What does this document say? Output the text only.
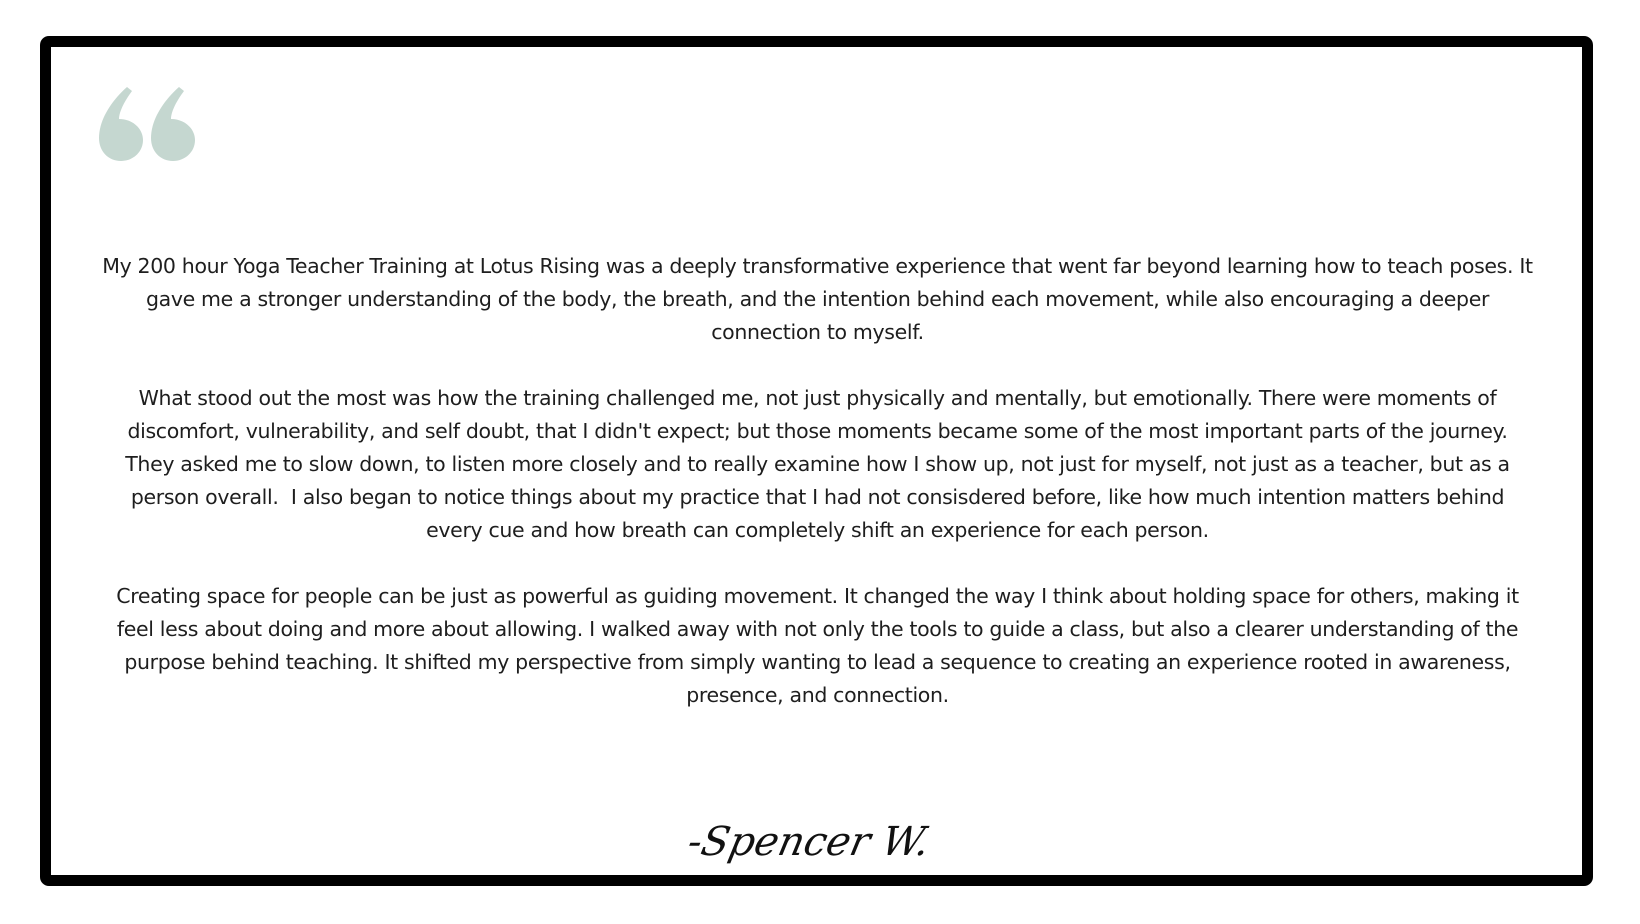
My 200 hour Yoga Teacher Training at Lotus Rising was a deeply transformative experience that went far beyond learning how to teach poses. It gave me a stronger understanding of the body, the breath, and the intention behind each movement, while also encouraging a deeper connection to myself.

What stood out the most was how the training challenged me, not just physically and mentally, but emotionally. There were moments of discomfort, vulnerability, and self doubt, that I didn't expect; but those moments became some of the most important parts of the journey. They asked me to slow down, to listen more closely and to really examine how I show up, not just for myself, not just as a teacher, but as a person overall.  I also began to notice things about my practice that I had not consisdered before, like how much intention matters behind every cue and how breath can completely shift an experience for each person.

Creating space for people can be just as powerful as guiding movement. It changed the way I think about holding space for others, making it feel less about doing and more about allowing. I walked away with not only the tools to guide a class, but also a clearer understanding of the purpose behind teaching. It shifted my perspective from simply wanting to lead a sequence to creating an experience rooted in awareness, presence, and connection.

-Spencer W.
